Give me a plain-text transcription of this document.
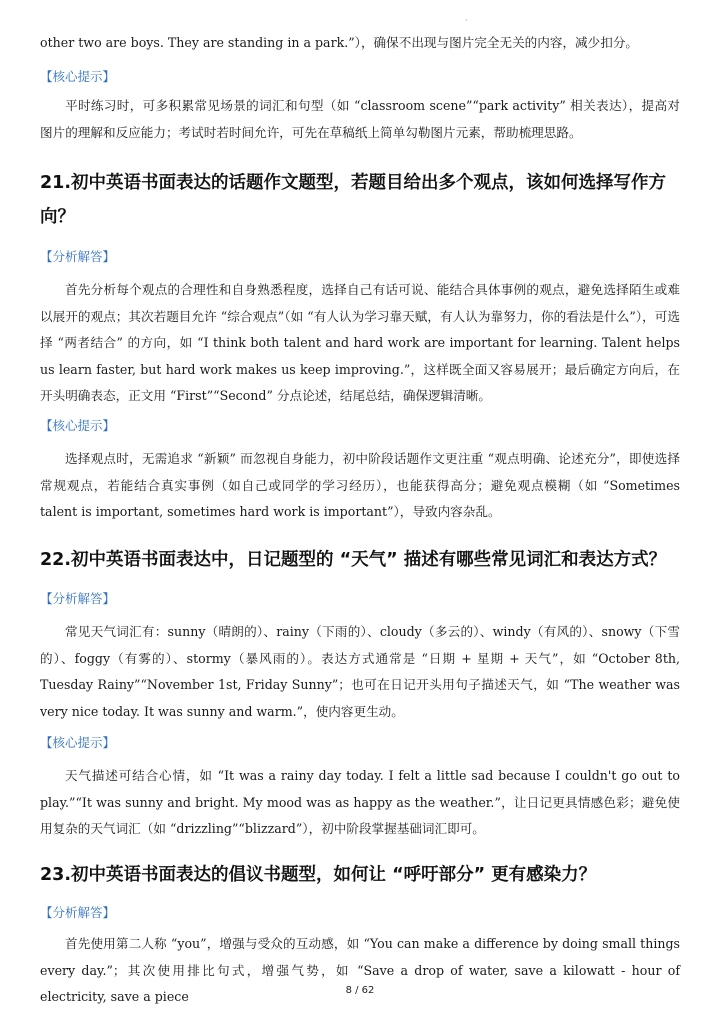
·

other two are boys. They are standing in a park.”），确保不出现与图片完全无关的内容，减少扣分。

【核心提示】

平时练习时，可多积累常见场景的词汇和句型（如 “classroom scene”“park activity” 相关表达），提高对图片的理解和反应能力；考试时若时间允许，可先在草稿纸上简单勾勒图片元素，帮助梳理思路。

21.初中英语书面表达的话题作文题型，若题目给出多个观点，该如何选择写作方向？

【分析解答】

首先分析每个观点的合理性和自身熟悉程度，选择自己有话可说、能结合具体事例的观点，避免选择陌生或难以展开的观点；其次若题目允许 “综合观点”（如 “有人认为学习靠天赋，有人认为靠努力，你的看法是什么”），可选择 “两者结合” 的方向，如 “I think both talent and hard work are important for learning. Talent helps us learn faster, but hard work makes us keep improving.”，这样既全面又容易展开；最后确定方向后，在开头明确表态，正文用 “First”“Second” 分点论述，结尾总结，确保逻辑清晰。

【核心提示】

选择观点时，无需追求 “新颖” 而忽视自身能力，初中阶段话题作文更注重 “观点明确、论述充分”，即使选择常规观点，若能结合真实事例（如自己或同学的学习经历），也能获得高分；避免观点模糊（如 “Sometimes talent is important, sometimes hard work is important”），导致内容杂乱。

22.初中英语书面表达中，日记题型的 “天气” 描述有哪些常见词汇和表达方式？

【分析解答】

常见天气词汇有：sunny（晴朗的）、rainy（下雨的）、cloudy（多云的）、windy（有风的）、snowy（下雪的）、foggy（有雾的）、stormy（暴风雨的）。表达方式通常是 “日期 + 星期 + 天气”，如 “October 8th, Tuesday Rainy”“November 1st, Friday Sunny”；也可在日记开头用句子描述天气，如 “The weather was very nice today. It was sunny and warm.”，使内容更生动。

【核心提示】

天气描述可结合心情，如 “It was a rainy day today. I felt a little sad because I couldn't go out to play.”“It was sunny and bright. My mood was as happy as the weather.”，让日记更具情感色彩；避免使用复杂的天气词汇（如 “drizzling”“blizzard”），初中阶段掌握基础词汇即可。

23.初中英语书面表达的倡议书题型，如何让 “呼吁部分” 更有感染力？

【分析解答】

首先使用第二人称 “you”，增强与受众的互动感，如 “You can make a difference by doing small things every day.”；其次使用排比句式，增强气势，如 “Save a drop of water, save a kilowatt - hour of electricity, save a piece	8 / 62
